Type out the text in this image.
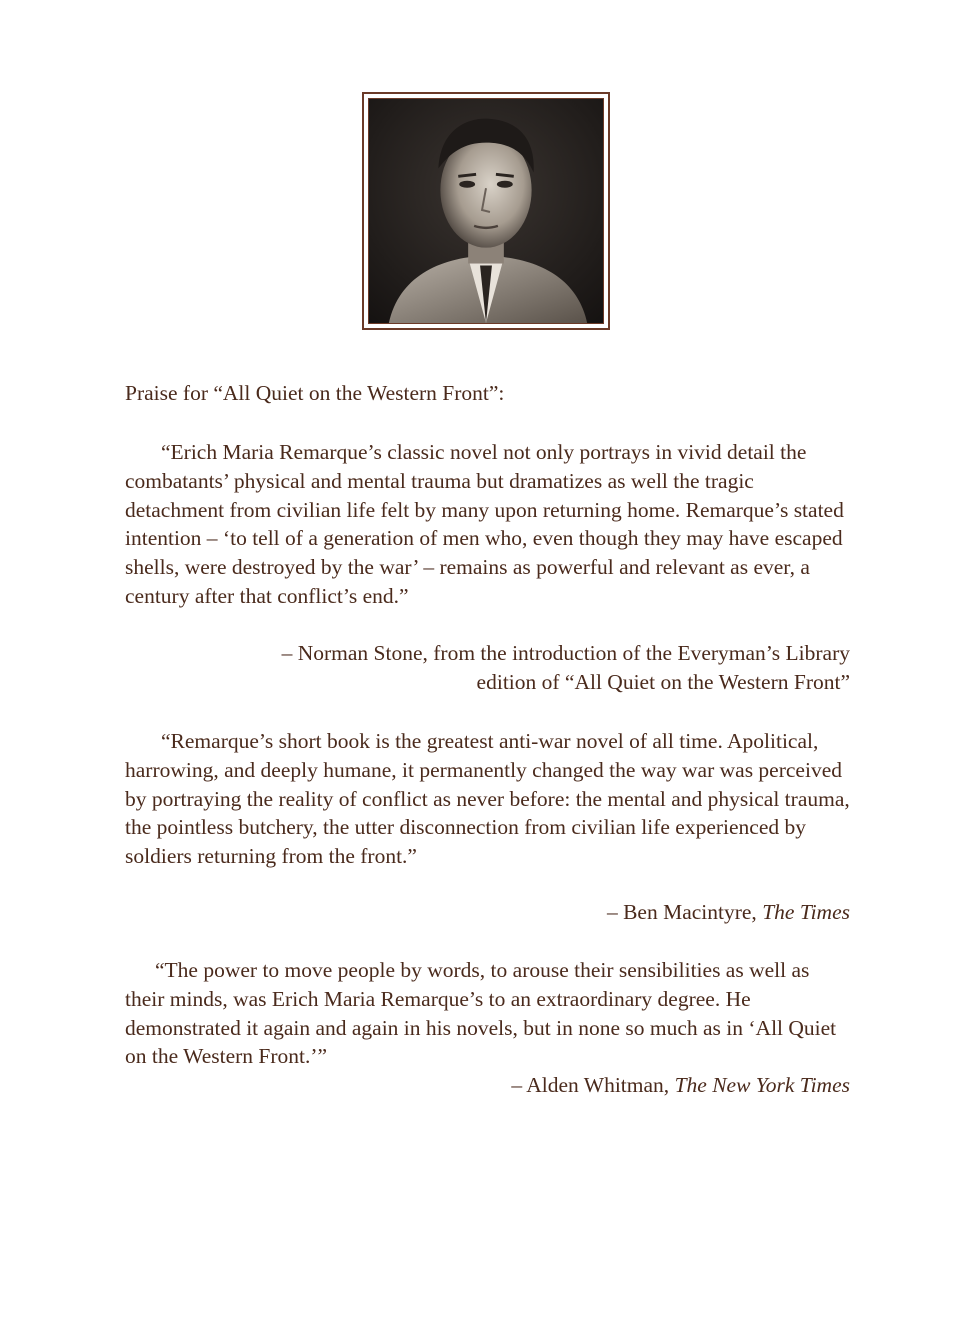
Praise for “All Quiet on the Western Front”:

“Erich Maria Remarque’s classic novel not only portrays in vivid detail the combatants’ physical and mental trauma but dramatizes as well the tragic detachment from civilian life felt by many upon returning home. Remarque’s stated intention – ‘to tell of a generation of men who, even though they may have escaped shells, were destroyed by the war’ – remains as powerful and relevant as ever, a century after that conflict’s end.”

– Norman Stone, from the introduction of the Everyman’s Library
edition of “All Quiet on the Western Front”

“Remarque’s short book is the greatest anti-war novel of all time. Apolitical, harrowing, and deeply humane, it permanently changed the way war was perceived by portraying the reality of conflict as never before: the mental and physical trauma, the pointless butchery, the utter disconnection from civilian life experienced by soldiers returning from the front.”

– Ben Macintyre, The Times

“The power to move people by words, to arouse their sensibilities as well as their minds, was Erich Maria Remarque’s to an extraordinary degree. He demonstrated it again and again in his novels, but in none so much as in ‘All Quiet on the Western Front.’”

– Alden Whitman, The New York Times
